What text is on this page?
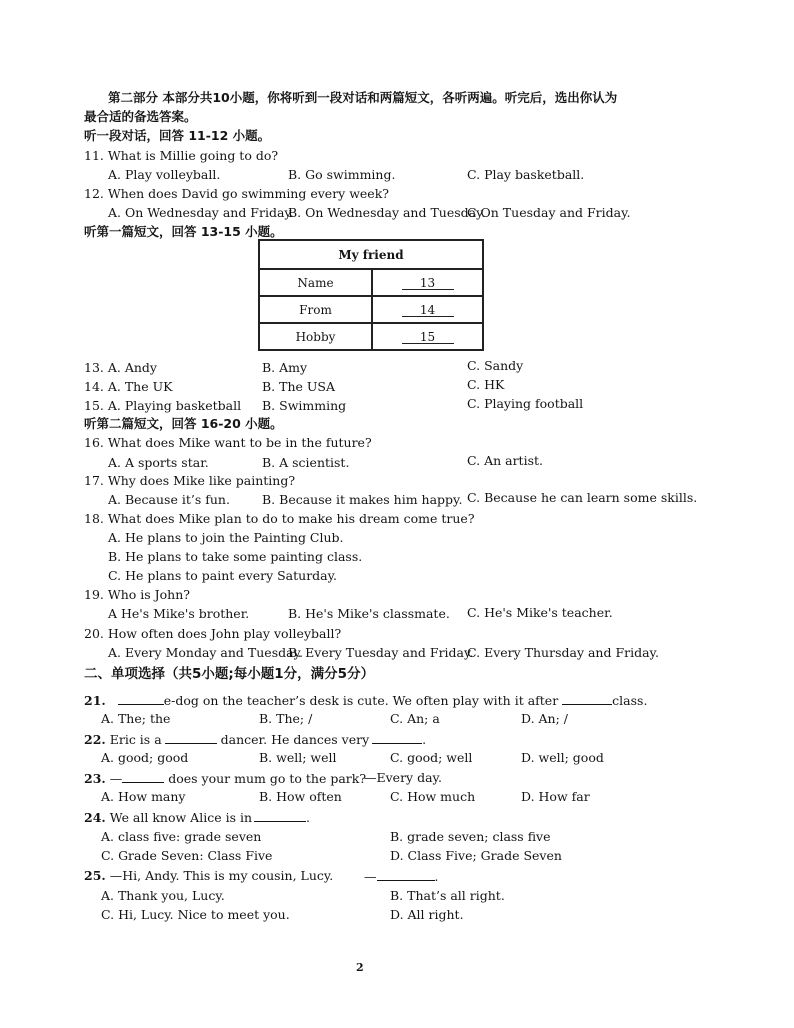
第二部分 本部分共10小题，你将听到一段对话和两篇短文，各听两遍。听完后，选出你认为
最合适的备选答案。
听一段对话，回答 11-12 小题。
11. What is Millie going to do?
A. Play volleyball.	B. Go swimming.	C. Play basketball.
12. When does David go swimming every week?
A. On Wednesday and Friday.
B. On Wednesday and Tuesday.
C On Tuesday and Friday.
听第一篇短文，回答 13-15 小题。
My friend	
Name	13
From	14
Hobby	15
13. A. Andy	B. Amy	C. Sandy
14. A. The UK	B. The USA	C. HK
15. A. Playing basketball B. Swimming	C. Playing football
听第二篇短文，回答 16-20 小题。
16. What does Mike want to be in the future?
A. A sports star.	B. A scientist.	C. An artist.
17. Why does Mike like painting?
A. Because it’s fun.	B. Because it makes him happy. C. Because he can learn some skills.
18. What does Mike plan to do to make his dream come true?
A. He plans to join the Painting Club.
B. He plans to take some painting class.
C. He plans to paint every Saturday.
19. Who is John?
A He's Mike's brother.	B. He's Mike's classmate. C. He's Mike's teacher.
20. How often does John play volleyball?
A. Every Monday and Tuesday.
B. Every Tuesday and Friday.
C. Every Thursday and Friday.
二、单项选择（共5小题;每小题1分，满分5分）
21.	e-dog on the teacher’s desk is cute. We often play with it after	class.
A. The; the	B. The; /	C. An; a	D. An; /
22. Eric is a	dancer. He dances very	.
A. good; good	B. well; well	C. good; well	D. well; good
23. —	does your mum go to the park?
—Every day.
A. How many	B. How often	C. How much	D. How far
24. We all know Alice is in	.
A. class five: grade seven	B. grade seven; class five
C. Grade Seven: Class Five	D. Class Five; Grade Seven
25. —Hi, Andy. This is my cousin, Lucy. —	.
A. Thank you, Lucy.	B. That’s all right.
C. Hi, Lucy. Nice to meet you.	D. All right.
2
